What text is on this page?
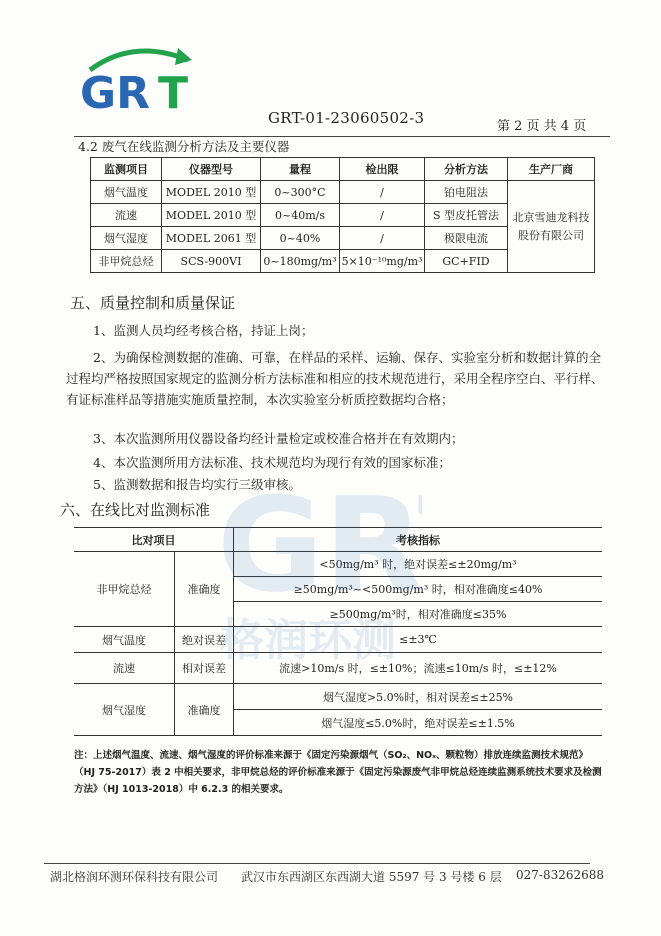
GR T	GRT-01-23060502-3	第 2 页 共 4 页
4.2 废气在线监测分析方法及主要仪器
监测项目	仪器型号	量程	检出限	分析方法	生产厂商
烟气温度	MODEL 2010 型	0~300°C	/	铂电阻法	北京雪迪龙科技股份有限公司
流速	MODEL 2010 型	0~40m/s	/	S 型皮托管法	
烟气湿度	MODEL 2061 型	0~40%	/	极限电流	
非甲烷总烃	SCS-900VI	0~180mg/m³	5×10⁻¹⁰mg/m³	GC+FID	
五、质量控制和质量保证
1、监测人员均经考核合格，持证上岗；
2、为确保检测数据的准确、可靠，在样品的采样、运输、保存、实验室分析和数据计算的全过程均严格按照国家规定的监测分析方法标准和相应的技术规范进行，采用全程序空白、平行样、有证标准样品等措施实施质量控制，本次实验室分析质控数据均合格；
3、本次监测所用仪器设备均经计量检定或校准合格并在有效期内；
4、本次监测所用方法标准、技术规范均为现行有效的国家标准；
5、监测数据和报告均实行三级审核。
六、在线比对监测标准
比对项目		考核指标
非甲烷总烃	准确度	<50mg/m³ 时，绝对误差≤±20mg/m³
		≥50mg/m³~<500mg/m³ 时，相对准确度≤40%
		≥500mg/m³时，相对准确度≤35%
烟气温度	绝对误差	≤±3℃
流速	相对误差	流速>10m/s 时，≤±10%；流速≤10m/s 时，≤±12%
烟气湿度	准确度	烟气湿度>5.0%时，相对误差≤±25%
		烟气湿度≤5.0%时，绝对误差≤±1.5%
注：上述烟气温度、流速、烟气湿度的评价标准来源于《固定污染源烟气（SO₂、NOₓ、颗粒物）排放连续监测技术规范》（HJ 75-2017）表 2 中相关要求，非甲烷总烃的评价标准来源于《固定污染源废气非甲烷总烃连续监测系统技术要求及检测方法》（HJ 1013-2018）中 6.2.3 的相关要求。
GR
格润环测
湖北格润环测环保科技有限公司 武汉市东西湖区东西湖大道 5597 号 3 号楼 6 层 027-83262688
